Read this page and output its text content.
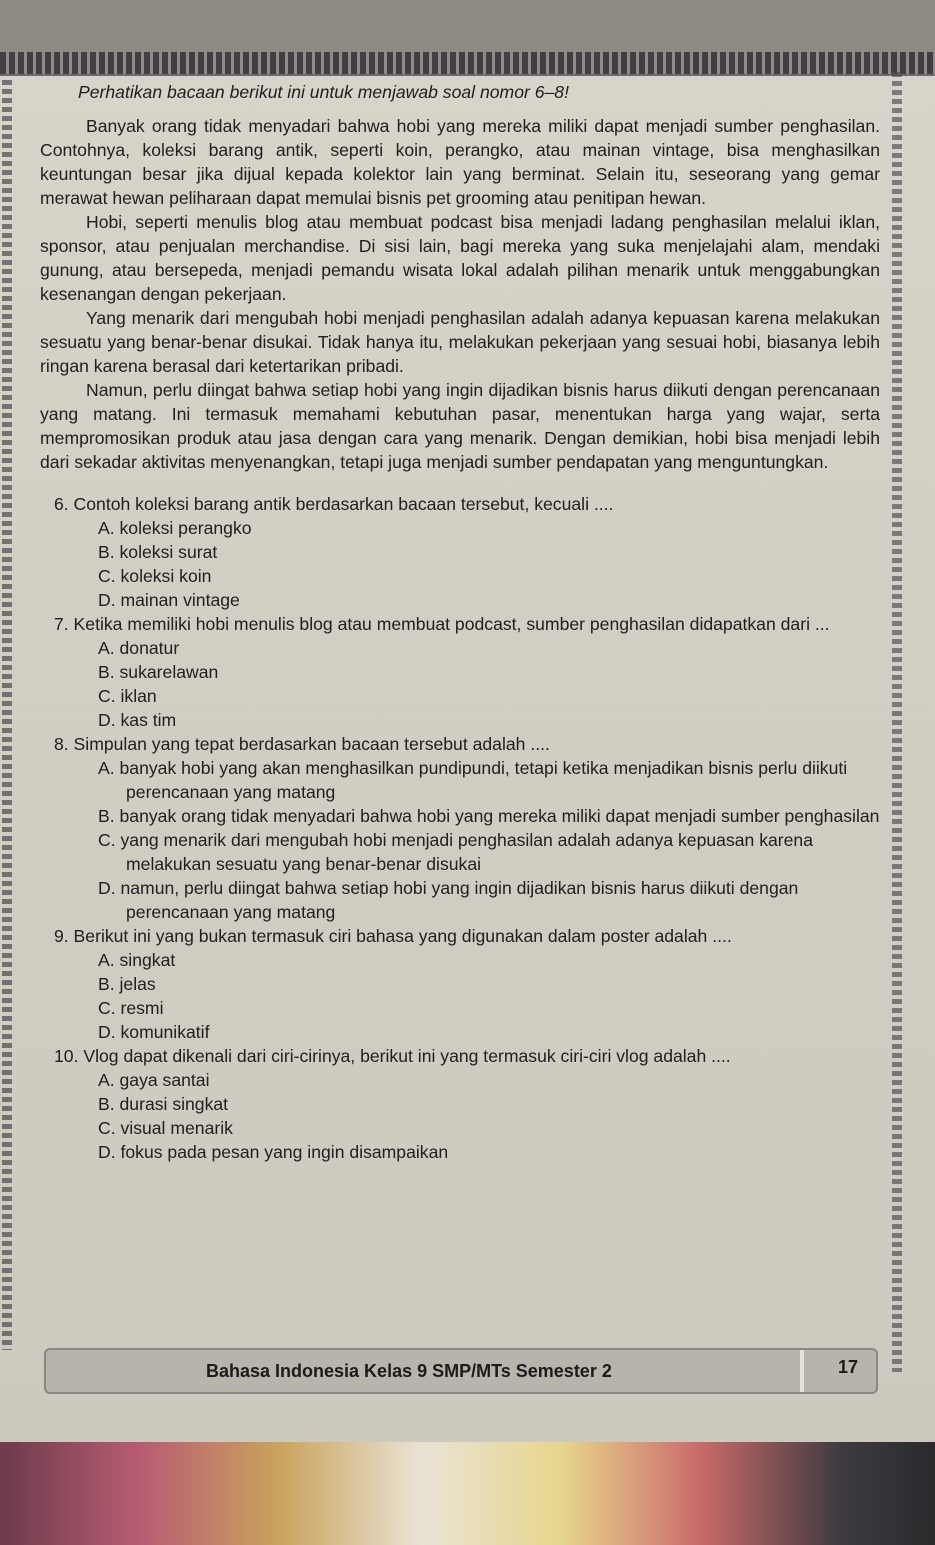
Perhatikan bacaan berikut ini untuk menjawab soal nomor 6–8!

Banyak orang tidak menyadari bahwa hobi yang mereka miliki dapat menjadi sumber penghasilan. Contohnya, koleksi barang antik, seperti koin, perangko, atau mainan vintage, bisa menghasilkan keuntungan besar jika dijual kepada kolektor lain yang berminat. Selain itu, seseorang yang gemar merawat hewan peliharaan dapat memulai bisnis pet grooming atau penitipan hewan.

Hobi, seperti menulis blog atau membuat podcast bisa menjadi ladang penghasilan melalui iklan, sponsor, atau penjualan merchandise. Di sisi lain, bagi mereka yang suka menjelajahi alam, mendaki gunung, atau bersepeda, menjadi pemandu wisata lokal adalah pilihan menarik untuk menggabungkan kesenangan dengan pekerjaan.

Yang menarik dari mengubah hobi menjadi penghasilan adalah adanya kepuasan karena melakukan sesuatu yang benar-benar disukai. Tidak hanya itu, melakukan pekerjaan yang sesuai hobi, biasanya lebih ringan karena berasal dari ketertarikan pribadi.

Namun, perlu diingat bahwa setiap hobi yang ingin dijadikan bisnis harus diikuti dengan perencanaan yang matang. Ini termasuk memahami kebutuhan pasar, menentukan harga yang wajar, serta mempromosikan produk atau jasa dengan cara yang menarik. Dengan demikian, hobi bisa menjadi lebih dari sekadar aktivitas menyenangkan, tetapi juga menjadi sumber pendapatan yang menguntungkan.

6. Contoh koleksi barang antik berdasarkan bacaan tersebut, kecuali ....

A. koleksi perangko

B. koleksi surat

C. koleksi koin

D. mainan vintage

7. Ketika memiliki hobi menulis blog atau membuat podcast, sumber penghasilan didapatkan dari ...

A. donatur

B. sukarelawan

C. iklan

D. kas tim

8. Simpulan yang tepat berdasarkan bacaan tersebut adalah ....

A. banyak hobi yang akan menghasilkan pundipundi, tetapi ketika menjadikan bisnis perlu diikuti perencanaan yang matang

B. banyak orang tidak menyadari bahwa hobi yang mereka miliki dapat menjadi sumber penghasilan

C. yang menarik dari mengubah hobi menjadi penghasilan adalah adanya kepuasan karena melakukan sesuatu yang benar-benar disukai

D. namun, perlu diingat bahwa setiap hobi yang ingin dijadikan bisnis harus diikuti dengan perencanaan yang matang

9. Berikut ini yang bukan termasuk ciri bahasa yang digunakan dalam poster adalah ....

A. singkat

B. jelas

C. resmi

D. komunikatif

10. Vlog dapat dikenali dari ciri-cirinya, berikut ini yang termasuk ciri-ciri vlog adalah ....

A. gaya santai

B. durasi singkat

C. visual menarik

D. fokus pada pesan yang ingin disampaikan

Bahasa Indonesia Kelas 9 SMP/MTs Semester 2	17
